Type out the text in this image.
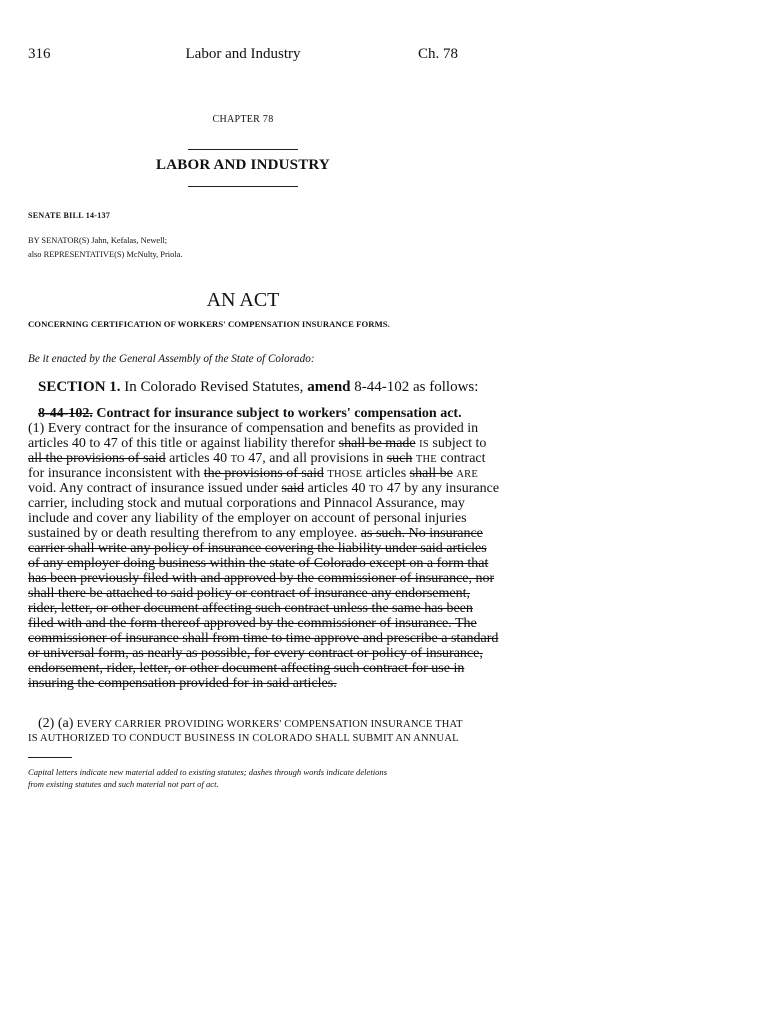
316	Labor and Industry	Ch. 78
CHAPTER 78
LABOR AND INDUSTRY
SENATE BILL 14-137
BY SENATOR(S) Jahn, Kefalas, Newell;
also REPRESENTATIVE(S) McNulty, Priola.
AN ACT
CONCERNING CERTIFICATION OF WORKERS' COMPENSATION INSURANCE FORMS.
Be it enacted by the General Assembly of the State of Colorado:
SECTION 1. In Colorado Revised Statutes, amend 8-44-102 as follows:
8-44-102. Contract for insurance subject to workers' compensation act.
(1) Every contract for the insurance of compensation and benefits as provided in
articles 40 to 47 of this title or against liability therefor shall be made IS subject to
all the provisions of said articles 40 TO 47, and all provisions in such THE contract
for insurance inconsistent with the provisions of said THOSE articles shall be ARE
void. Any contract of insurance issued under said articles 40 TO 47 by any insurance
carrier, including stock and mutual corporations and Pinnacol Assurance, may
include and cover any liability of the employer on account of personal injuries
sustained by or death resulting therefrom to any employee. as such. No insurance
carrier shall write any policy of insurance covering the liability under said articles
of any employer doing business within the state of Colorado except on a form that
has been previously filed with and approved by the commissioner of insurance, nor
shall there be attached to said policy or contract of insurance any endorsement,
rider, letter, or other document affecting such contract unless the same has been
filed with and the form thereof approved by the commissioner of insurance. The
commissioner of insurance shall from time to time approve and prescribe a standard
or universal form, as nearly as possible, for every contract or policy of insurance,
endorsement, rider, letter, or other document affecting such contract for use in
insuring the compensation provided for in said articles.
(2) (a) EVERY CARRIER PROVIDING WORKERS' COMPENSATION INSURANCE THAT
IS AUTHORIZED TO CONDUCT BUSINESS IN COLORADO SHALL SUBMIT AN ANNUAL
Capital letters indicate new material added to existing statutes; dashes through words indicate deletions
from existing statutes and such material not part of act.
